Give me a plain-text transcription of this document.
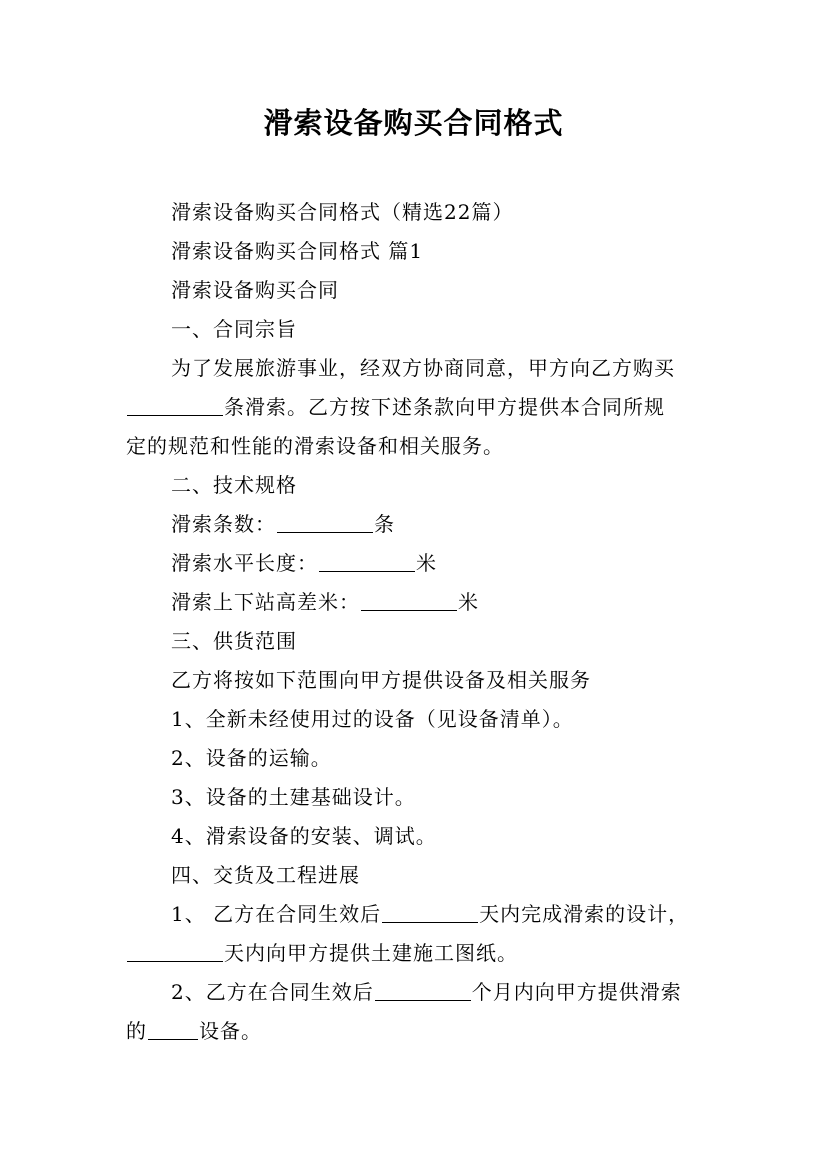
滑索设备购买合同格式
滑索设备购买合同格式（精选22篇）
滑索设备购买合同格式 篇1
滑索设备购买合同
一、合同宗旨
为了发展旅游事业，经双方协商同意，甲方向乙方购买
条滑索。乙方按下述条款向甲方提供本合同所规
定的规范和性能的滑索设备和相关服务。
二、技术规格
滑索条数：	条
滑索水平长度：	米
滑索上下站高差米：	米
三、供货范围
乙方将按如下范围向甲方提供设备及相关服务
1、全新未经使用过的设备（见设备清单）。
2、设备的运输。
3、设备的土建基础设计。
4、滑索设备的安装、调试。
四、交货及工程进展
1、 乙方在合同生效后	天内完成滑索的设计，
天内向甲方提供土建施工图纸。
2、乙方在合同生效后	个月内向甲方提供滑索
的	设备。
